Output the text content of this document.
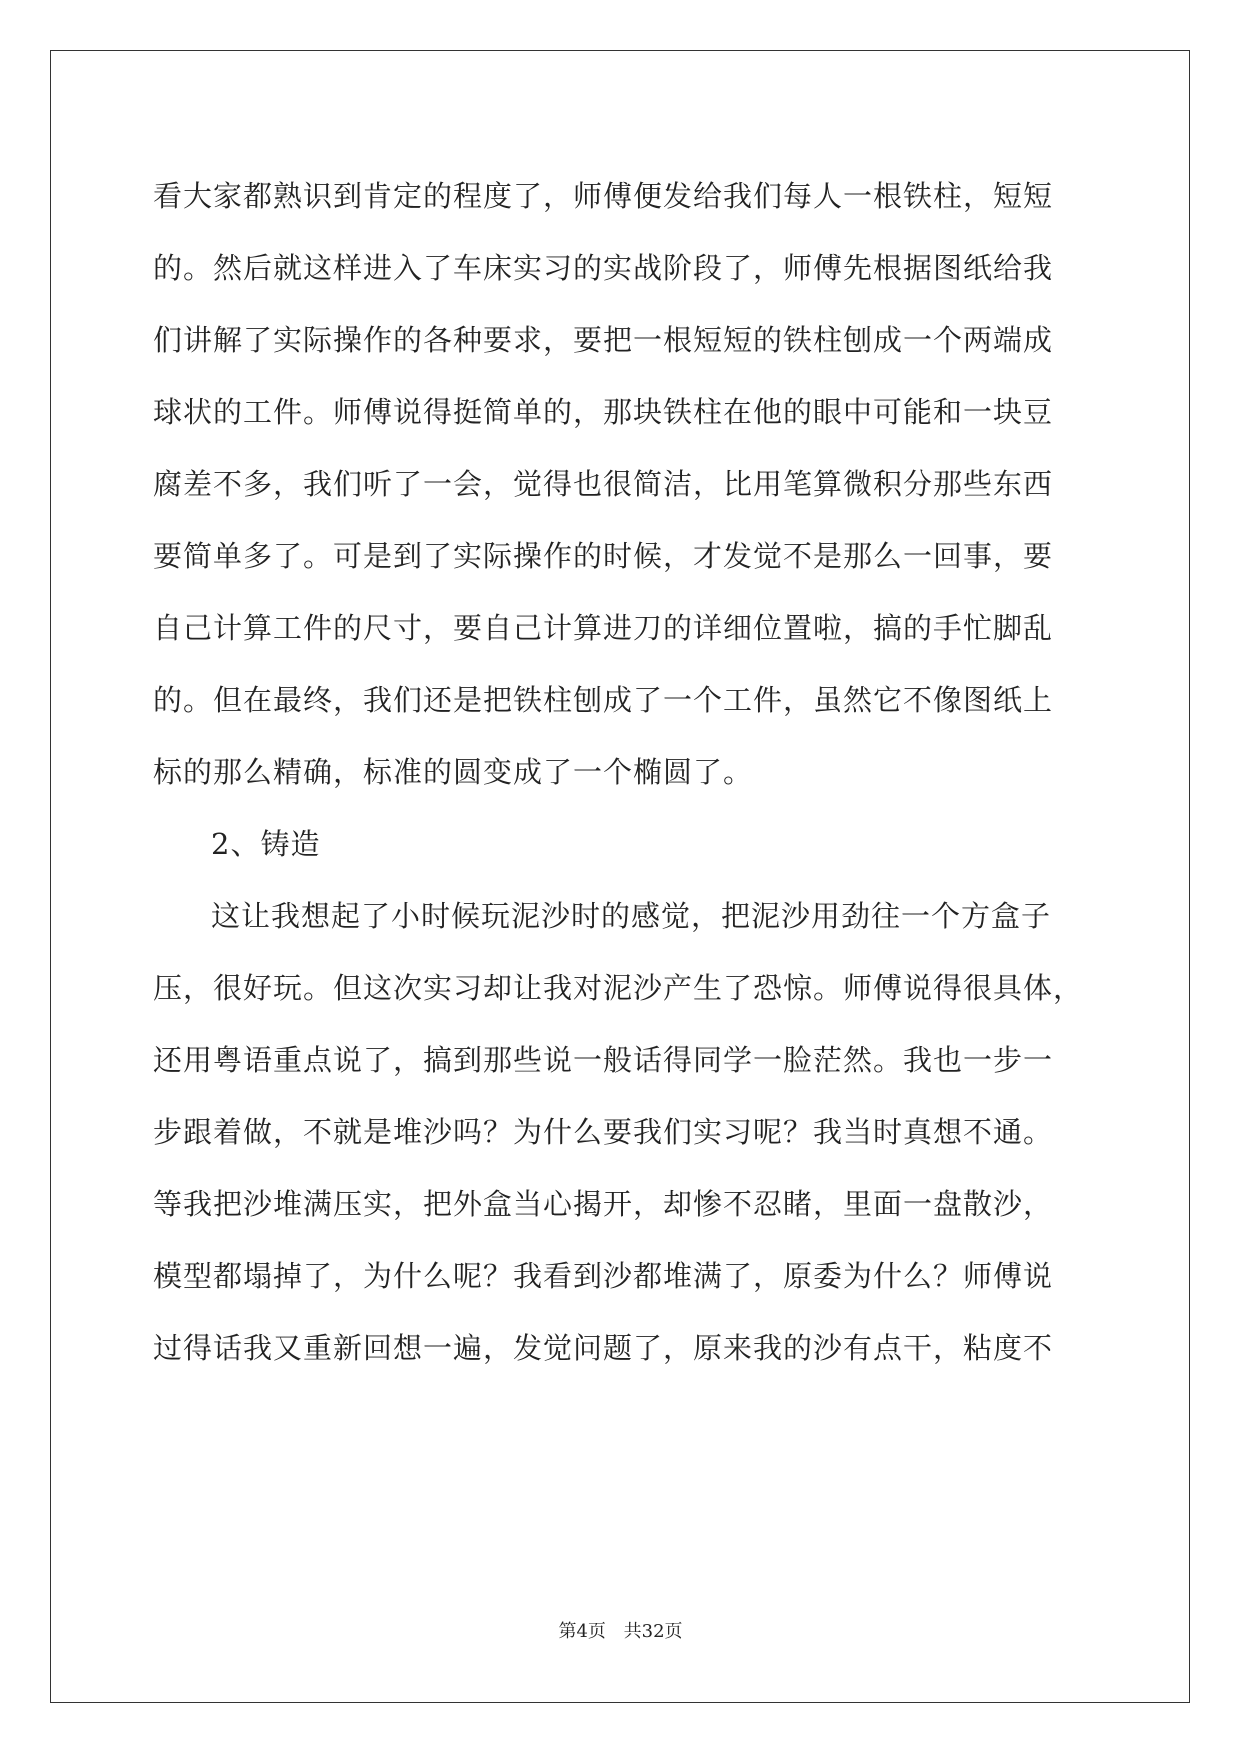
看大家都熟识到肯定的程度了，师傅便发给我们每人一根铁柱，短短
的。然后就这样进入了车床实习的实战阶段了，师傅先根据图纸给我
们讲解了实际操作的各种要求，要把一根短短的铁柱刨成一个两端成
球状的工件。师傅说得挺简单的，那块铁柱在他的眼中可能和一块豆
腐差不多，我们听了一会，觉得也很简洁，比用笔算微积分那些东西
要简单多了。可是到了实际操作的时候，才发觉不是那么一回事，要
自己计算工件的尺寸，要自己计算进刀的详细位置啦，搞的手忙脚乱
的。但在最终，我们还是把铁柱刨成了一个工件，虽然它不像图纸上
标的那么精确，标准的圆变成了一个椭圆了。
2、铸造
这让我想起了小时候玩泥沙时的感觉，把泥沙用劲往一个方盒子
压，很好玩。但这次实习却让我对泥沙产生了恐惊。师傅说得很具体，
还用粤语重点说了，搞到那些说一般话得同学一脸茫然。我也一步一
步跟着做，不就是堆沙吗？为什么要我们实习呢？我当时真想不通。
等我把沙堆满压实，把外盒当心揭开，却惨不忍睹，里面一盘散沙，
模型都塌掉了，为什么呢？我看到沙都堆满了，原委为什么？师傅说
过得话我又重新回想一遍，发觉问题了，原来我的沙有点干，粘度不
第4页 共32页
